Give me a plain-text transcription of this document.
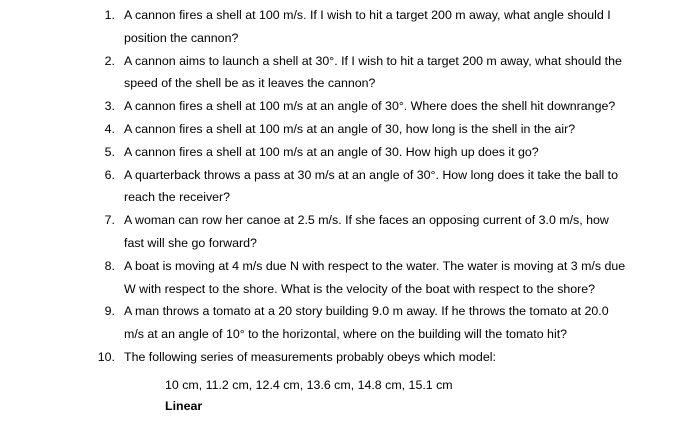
1. A cannon fires a shell at 100 m/s. If I wish to hit a target 200 m away, what angle should I position the cannon?
2. A cannon aims to launch a shell at 30°. If I wish to hit a target 200 m away, what should the speed of the shell be as it leaves the cannon?
3. A cannon fires a shell at 100 m/s at an angle of 30°. Where does the shell hit downrange?
4. A cannon fires a shell at 100 m/s at an angle of 30, how long is the shell in the air?
5. A cannon fires a shell at 100 m/s at an angle of 30. How high up does it go?
6. A quarterback throws a pass at 30 m/s at an angle of 30°. How long does it take the ball to reach the receiver?
7. A woman can row her canoe at 2.5 m/s. If she faces an opposing current of 3.0 m/s, how fast will she go forward?
8. A boat is moving at 4 m/s due N with respect to the water. The water is moving at 3 m/s due W with respect to the shore. What is the velocity of the boat with respect to the shore?
9. A man throws a tomato at a 20 story building 9.0 m away. If he throws the tomato at 20.0 m/s at an angle of 10° to the horizontal, where on the building will the tomato hit?
10. The following series of measurements probably obeys which model:
10 cm, 11.2 cm, 12.4 cm, 13.6 cm, 14.8 cm, 15.1 cm
Linear
